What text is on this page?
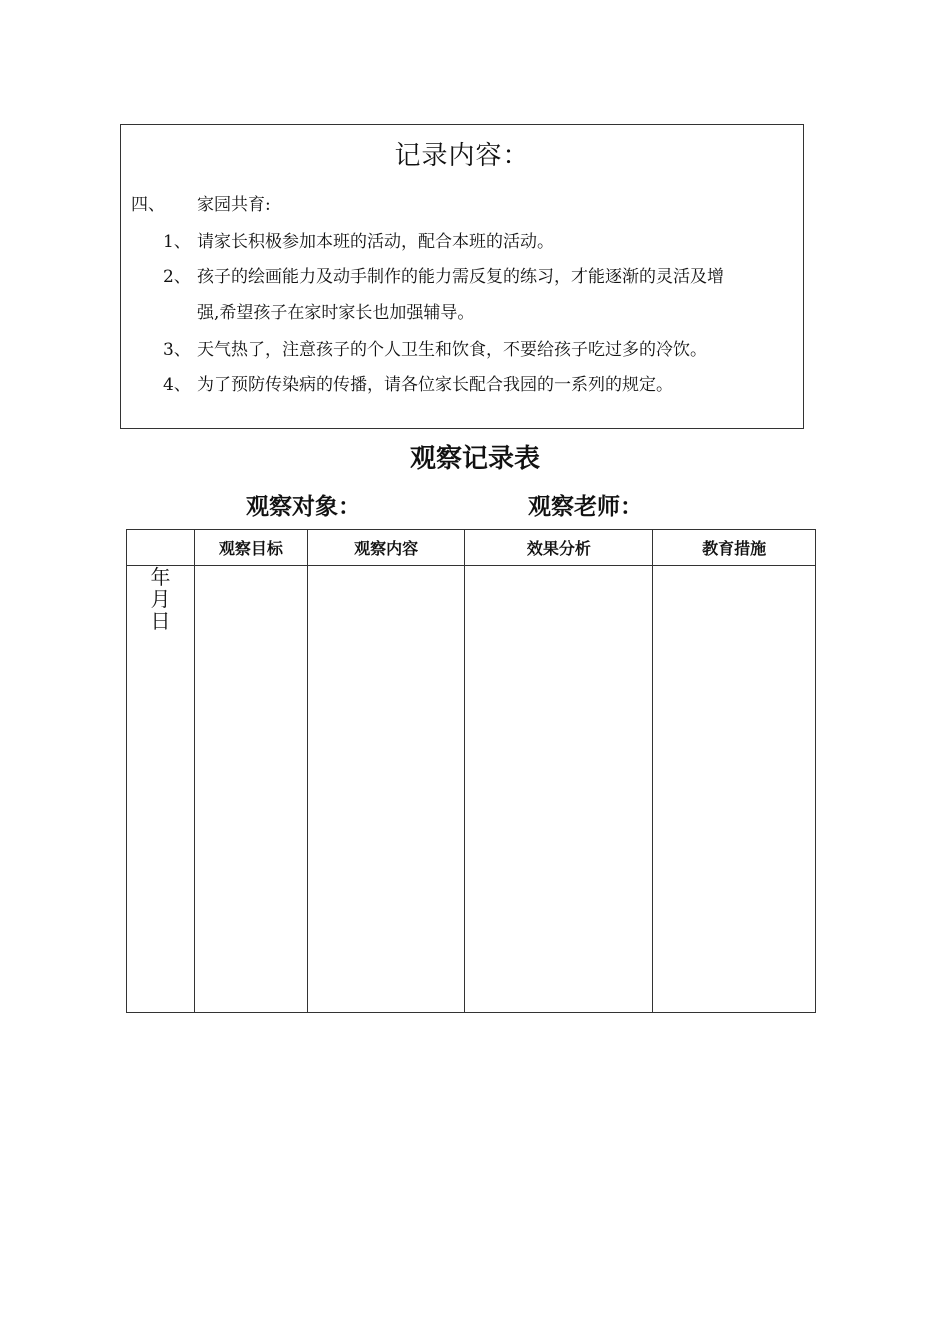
记录内容：
四、 家园共育:
1、 请家长积极参加本班的活动，配合本班的活动。
2、 孩子的绘画能力及动手制作的能力需反复的练习，才能逐渐的灵活及增
强,希望孩子在家时家长也加强辅导。
3、 天气热了，注意孩子的个人卫生和饮食，不要给孩子吃过多的冷饮。
4、 为了预防传染病的传播，请各位家长配合我园的一系列的规定。
观察记录表
观察对象：	观察老师：
	观察目标	观察内容	效果分析	教育措施

年
月
日				
